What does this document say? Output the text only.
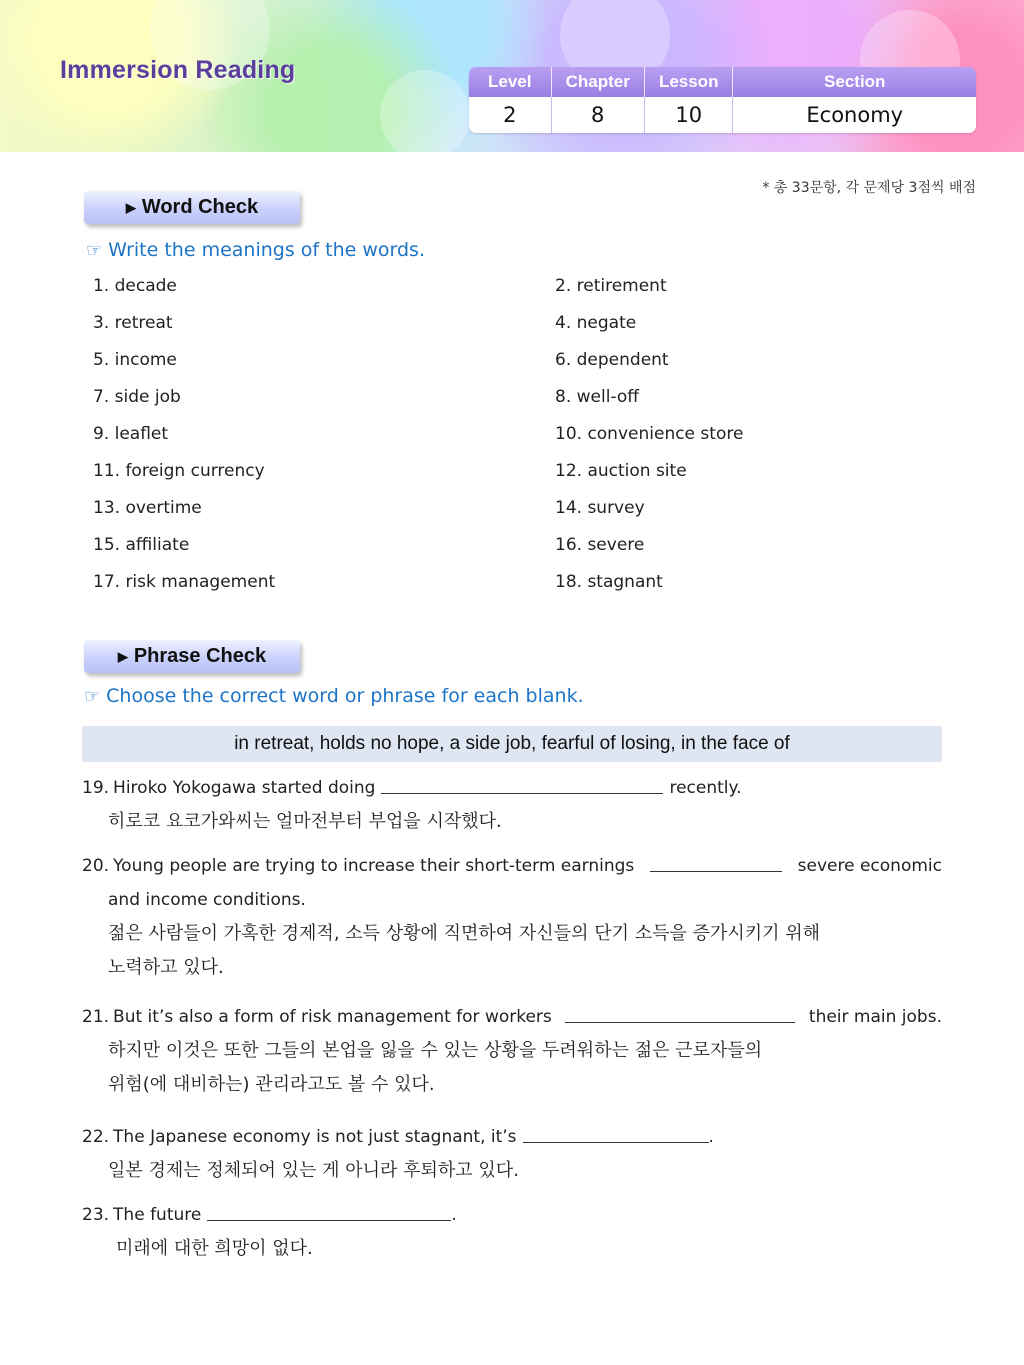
Immersion Reading	Level	Chapter	Lesson	Section
2	8	10	Economy
* 총 33문항, 각 문제당 3점씩 배점
▶ Word Check
☞ Write the meanings of the words.
1. decade	2. retirement
3. retreat	4. negate
5. income	6. dependent
7. side job	8. well-off
9. leaflet	10. convenience store
11. foreign currency	12. auction site
13. overtime	14. survey
15. affiliate	16. severe
17. risk management	18. stagnant
▶ Phrase Check
☞ Choose the correct word or phrase for each blank.
in retreat, holds no hope, a side job, fearful of losing, in the face of
19. Hiroko Yokogawa started doing	recently.
히로코 요코가와씨는 얼마전부터 부업을 시작했다.
20. Young people are trying to increase their short-term earnings	severe economic
and income conditions.
젊은 사람들이 가혹한 경제적, 소득 상황에 직면하여 자신들의 단기 소득을 증가시키기 위해
노력하고 있다.
21. But it’s also a form of risk management for workers	their main jobs.
하지만 이것은 또한 그들의 본업을 잃을 수 있는 상황을 두려워하는 젊은 근로자들의
위험(에 대비하는) 관리라고도 볼 수 있다.
22. The Japanese economy is not just stagnant, it’s	.
일본 경제는 정체되어 있는 게 아니라 후퇴하고 있다.
23. The future	.
미래에 대한 희망이 없다.
